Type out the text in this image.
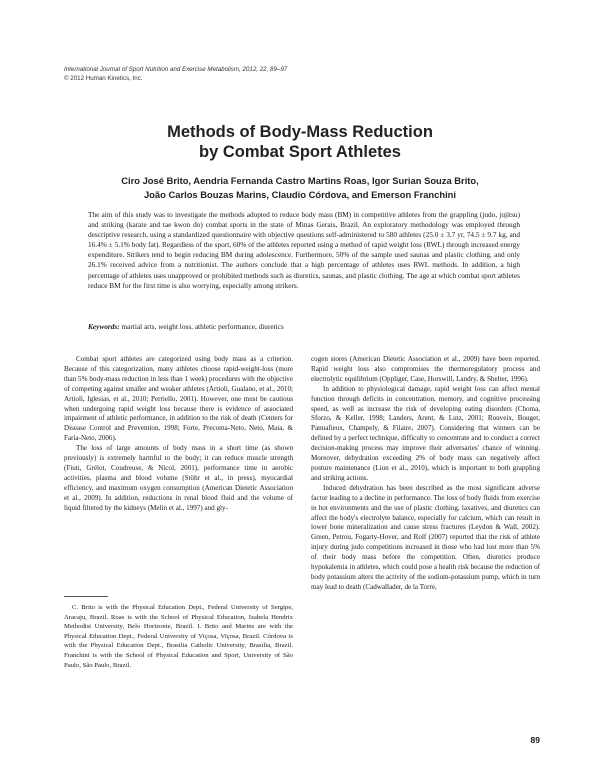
International Journal of Sport Nutrition and Exercise Metabolism, 2012, 22, 89–97
© 2012 Human Kinetics, Inc.
Methods of Body-Mass Reduction
by Combat Sport Athletes
Ciro José Brito, Aendria Fernanda Castro Martins Roas, Igor Surian Souza Brito,
João Carlos Bouzas Marins, Claudio Córdova, and Emerson Franchini

The aim of this study was to investigate the methods adopted to reduce body mass (BM) in competitive athletes from the grappling (judo, jujitsu) and striking (karate and tae kwon do) combat sports in the state of Minas Gerais, Brazil. An exploratory methodology was employed through descriptive research, using a standardized questionnaire with objective questions self-administered to 580 athletes (25.0 ± 3.7 yr, 74.5 ± 9.7 kg, and 16.4% ± 5.1% body fat). Regardless of the sport, 60% of the athletes reported using a method of rapid weight loss (RWL) through increased energy expenditure. Strikers tend to begin reducing BM during adolescence. Furthermore, 50% of the sample used saunas and plastic clothing, and only 26.1% received advice from a nutritionist. The authors conclude that a high percentage of athletes uses RWL methods. In addition, a high percentage of athletes uses unapproved or prohibited methods such as diuretics, saunas, and plastic clothing. The age at which combat sport athletes reduce BM for the first time is also worrying, especially among strikers.

Keywords: martial arts, weight loss, athletic performance, diuretics

Combat sport athletes are categorized using body mass as a criterion. Because of this categorization, many athletes choose rapid-weight-loss (more than 5% body-mass reduction in less than 1 week) procedures with the objective of competing against smaller and weaker athletes (Artioli, Gualano, et al., 2010; Artioli, Iglesias, et al., 2010; Perriello, 2001). However, one must be cautious when undergoing rapid weight loss because there is evidence of associated impairment of athletic performance, in addition to the risk of death (Centers for Disease Control and Prevention, 1998; Forte, Precoma-Neto, Neto, Maia, & Faria-Neto, 2006).

The loss of large amounts of body mass in a short time (as shown previously) is extremely harmful to the body; it can reduce muscle strength (Fiuti, Grélot, Coudreuse, & Nicol, 2001), performance time in aerobic activities, plasma and blood volume (Stöhr et al., in press), myocardial efficiency, and maximum oxygen consumption (American Dietetic Association et al., 2009). In addition, reductions in renal blood fluid and the volume of liquid filtered by the kidneys (Melin et al., 1997) and gly-

cogen stores (American Dietetic Association et al., 2009) have been reported. Rapid weight loss also compromises the thermoregulatory process and electrolytic equilibrium (Oppliger, Case, Horswill, Landry, & Shelter, 1996).

In addition to physiological damage, rapid weight loss can affect mental function through deficits in concentration, memory, and cognitive processing speed, as well as increase the risk of developing eating disorders (Choma, Sforzo, & Keller, 1998; Landers, Arent, & Lutz, 2001; Rouveix, Bouget, Pannafieux, Champely, & Filaire, 2007). Considering that winners can be defined by a perfect technique, difficulty to concentrate and to conduct a correct decision-making process may improve their adversaries' chance of winning. Moreover, dehydration exceeding 2% of body mass can negatively affect posture maintenance (Lion et al., 2010), which is important to both grappling and striking actions.

Induced dehydration has been described as the most significant adverse factor leading to a decline in performance. The loss of body fluids from exercise in hot environments and the use of plastic clothing, laxatives, and diuretics can affect the body's electrolyte balance, especially for calcium, which can result in lower bone mineralization and cause stress fractures (Leydon & Wall, 2002). Green, Petrou, Fogarty-Hover, and Rolf (2007) reported that the risk of athlete injury during judo competitions increased in those who had lost more than 5% of their body mass before the competition. Often, diuretics produce hypokalemia in athletes, which could pose a health risk because the reduction of body potassium alters the activity of the sodium-potassium pump, which in turn may lead to death (Cadwallader, de la Torre,

C. Brito is with the Physical Education Dept., Federal University of Sergipe, Aracaju, Brazil. Roas is with the School of Physical Education, Izabela Hendrix Methodist University, Belo Horizonte, Brazil. I. Brito and Marins are with the Physical Education Dept., Federal University of Viçosa, Viçosa, Brazil. Córdova is with the Physical Education Dept., Brasilia Catholic University, Brasilia, Brazil. Franchini is with the School of Physical Education and Sport, University of São Paulo, São Paulo, Brazil.

89
